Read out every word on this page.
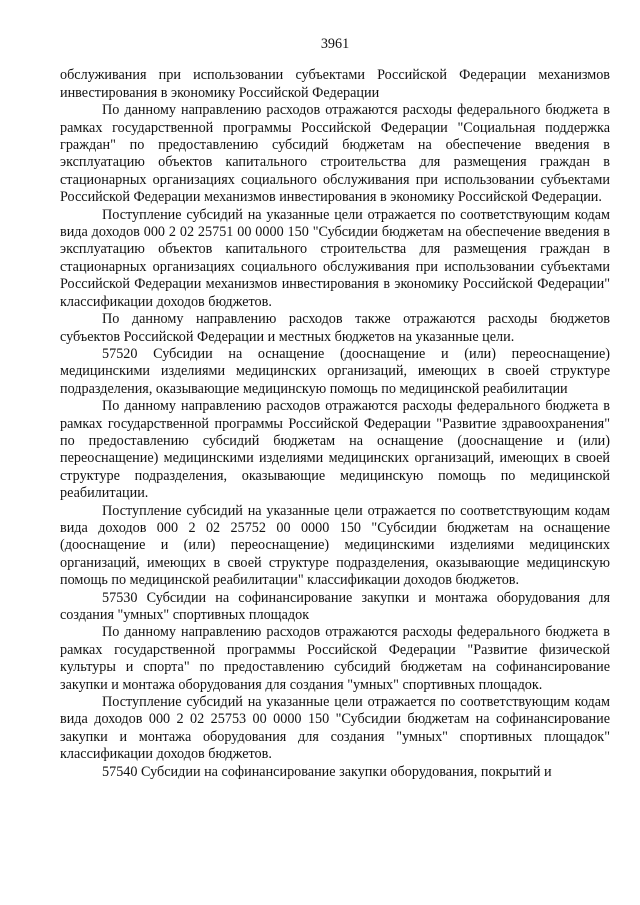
3961

обслуживания при использовании субъектами Российской Федерации механизмов инвестирования в экономику Российской Федерации

По данному направлению расходов отражаются расходы федерального бюджета в рамках государственной программы Российской Федерации "Социальная поддержка граждан" по предоставлению субсидий бюджетам на обеспечение введения в эксплуатацию объектов капитального строительства для размещения граждан в стационарных организациях социального обслуживания при использовании субъектами Российской Федерации механизмов инвестирования в экономику Российской Федерации.

Поступление субсидий на указанные цели отражается по соответствующим кодам вида доходов 000 2 02 25751 00 0000 150 "Субсидии бюджетам на обеспечение введения в эксплуатацию объектов капитального строительства для размещения граждан в стационарных организациях социального обслуживания при использовании субъектами Российской Федерации механизмов инвестирования в экономику Российской Федерации" классификации доходов бюджетов.

По данному направлению расходов также отражаются расходы бюджетов субъектов Российской Федерации и местных бюджетов на указанные цели.

57520 Субсидии на оснащение (дооснащение и (или) переоснащение) медицинскими изделиями медицинских организаций, имеющих в своей структуре подразделения, оказывающие медицинскую помощь по медицинской реабилитации

По данному направлению расходов отражаются расходы федерального бюджета в рамках государственной программы Российской Федерации "Развитие здравоохранения" по предоставлению субсидий бюджетам на оснащение (дооснащение и (или) переоснащение) медицинскими изделиями медицинских организаций, имеющих в своей структуре подразделения, оказывающие медицинскую помощь по медицинской реабилитации.

Поступление субсидий на указанные цели отражается по соответствующим кодам вида доходов 000 2 02 25752 00 0000 150 "Субсидии бюджетам на оснащение (дооснащение и (или) переоснащение) медицинскими изделиями медицинских организаций, имеющих в своей структуре подразделения, оказывающие медицинскую помощь по медицинской реабилитации" классификации доходов бюджетов.

57530 Субсидии на софинансирование закупки и монтажа оборудования для создания "умных" спортивных площадок

По данному направлению расходов отражаются расходы федерального бюджета в рамках государственной программы Российской Федерации "Развитие физической культуры и спорта" по предоставлению субсидий бюджетам на софинансирование закупки и монтажа оборудования для создания "умных" спортивных площадок.

Поступление субсидий на указанные цели отражается по соответствующим кодам вида доходов 000 2 02 25753 00 0000 150 "Субсидии бюджетам на софинансирование закупки и монтажа оборудования для создания "умных" спортивных площадок" классификации доходов бюджетов.

57540 Субсидии на софинансирование закупки оборудования, покрытий и
